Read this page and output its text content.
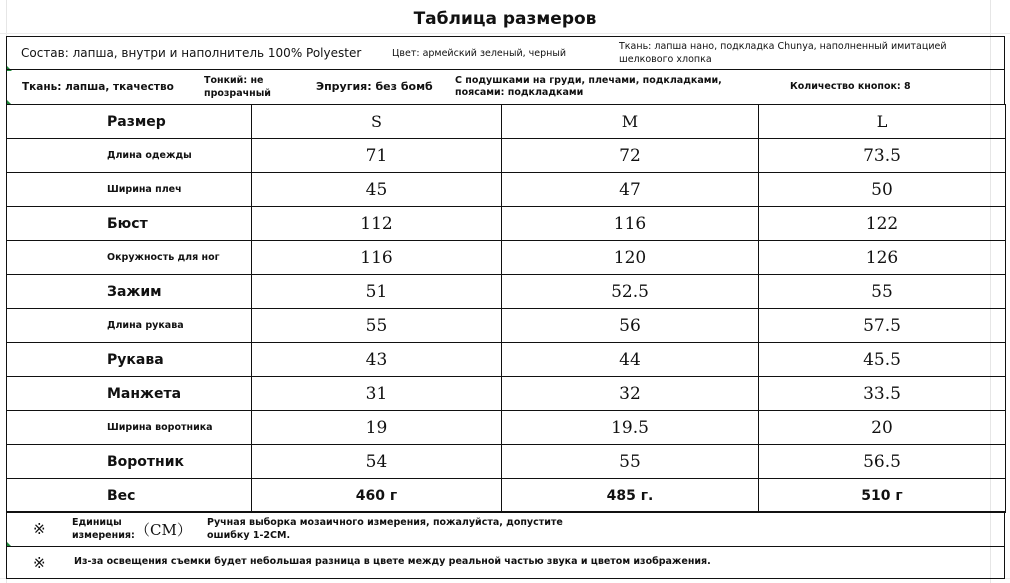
Таблица размеров
Состав: лапша, внутри и наполнитель 100% Polyester	Цвет: армейский зеленый, черный
Ткань: лапша нано, подкладка Chunya, наполненный имитацией
шелкового хлопка
Ткань: лапша, ткачество
Тонкий: не
прозрачный
Эпругия: без бомб С подушками на груди, плечами, подкладками,
поясами: подкладками
Количество кнопок: 8
Размер	S	M	L
Длина одежды	71	72	73.5
Ширина плеч	45	47	50
Бюст	112	116	122
Окружность для ног	116	120	126
Зажим	51	52.5	55
Длина рукава	55	56	57.5
Рукава	43	44	45.5
Манжета	31	32	33.5
Ширина воротника	19	19.5	20
Воротник	54	55	56.5
Вес	460 г	485 г.	510 г
※	Единицы
измерения: （CM） Ручная выборка мозаичного измерения, пожалуйста, допустите
ошибку 1-2CM.
※	Из-за освещения съемки будет небольшая разница в цвете между реальной частью звука и цветом изображения.
